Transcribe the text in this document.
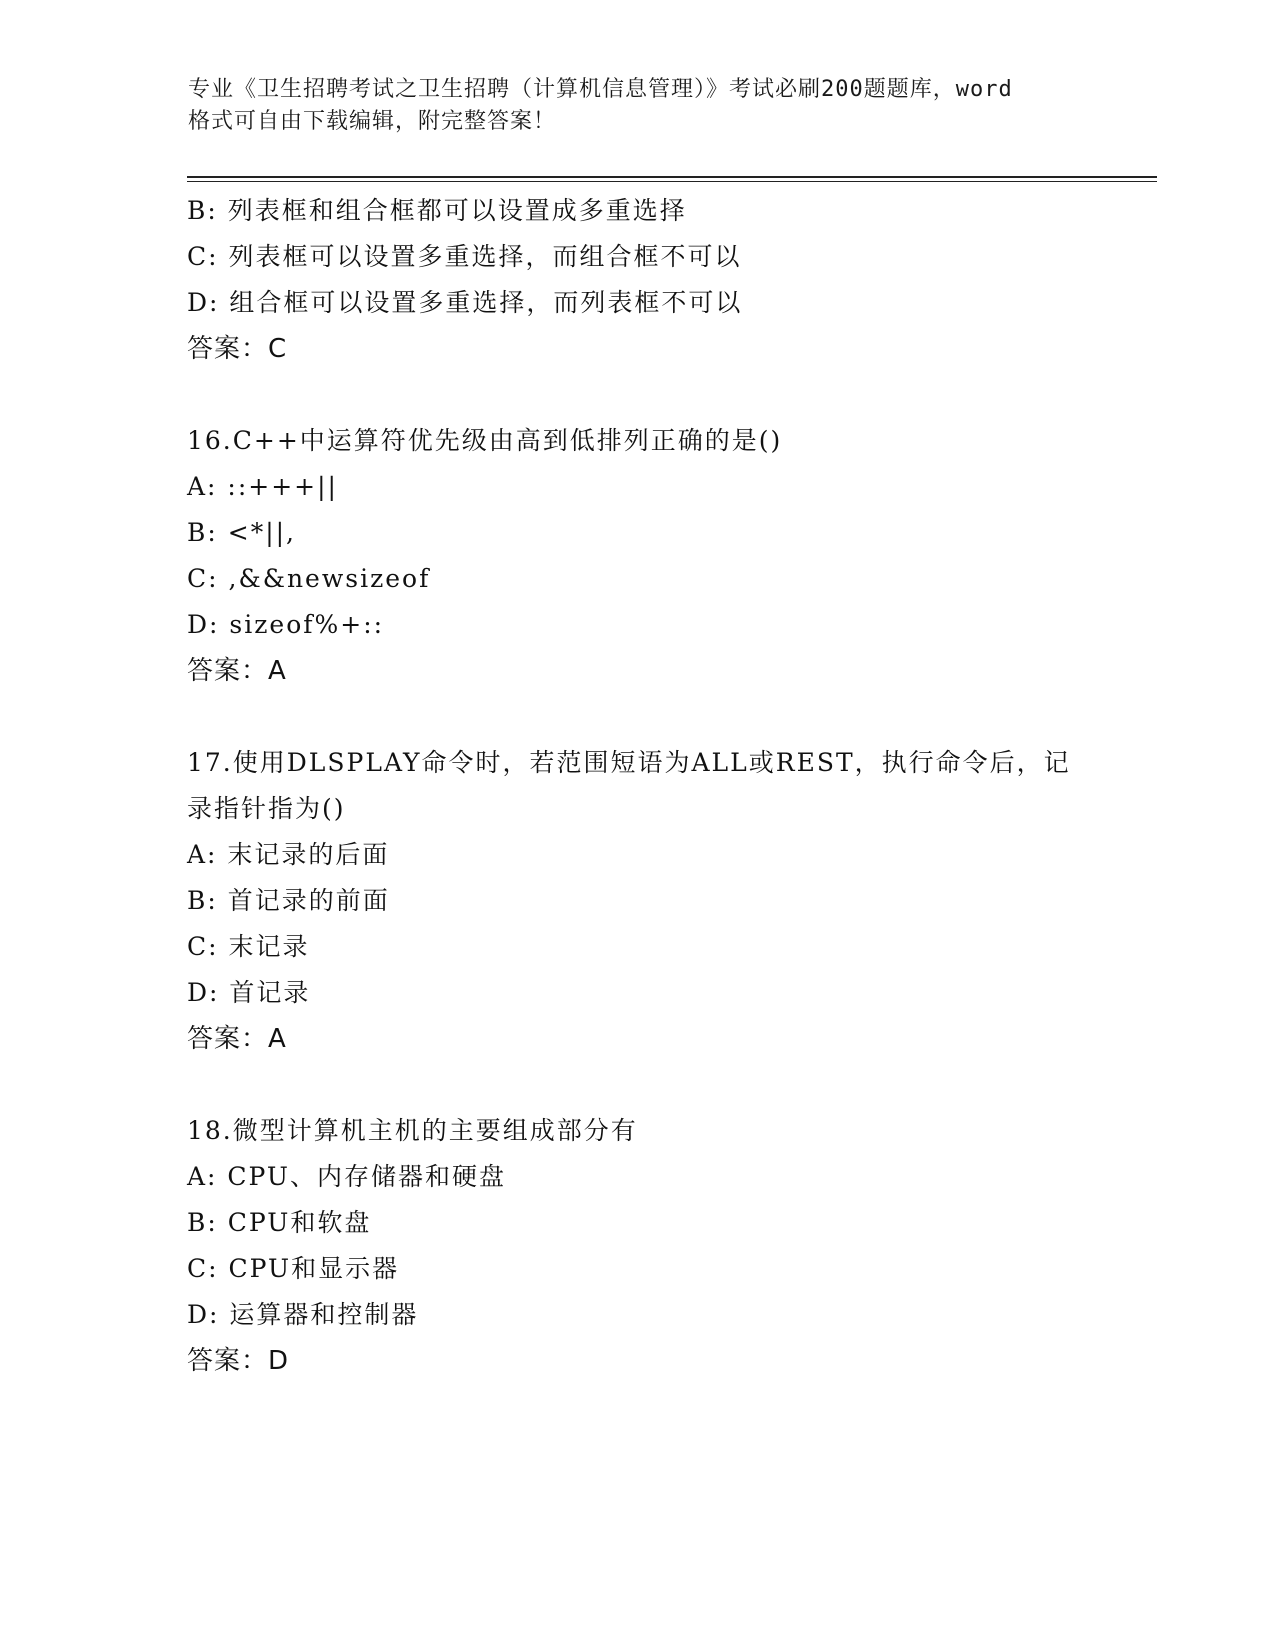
专业《卫生招聘考试之卫生招聘（计算机信息管理）》考试必刷200题题库，word
格式可自由下载编辑，附完整答案！
B: 列表框和组合框都可以设置成多重选择
C: 列表框可以设置多重选择，而组合框不可以
D: 组合框可以设置多重选择，而列表框不可以
答案：C
16.C++中运算符优先级由高到低排列正确的是()
A: ::+++||
B: <*||,
C: ,&&newsizeof
D: sizeof%+::
答案：A
17.使用DLSPLAY命令时，若范围短语为ALL或REST，执行命令后，记
录指针指为()
A: 末记录的后面
B: 首记录的前面
C: 末记录
D: 首记录
答案：A
18.微型计算机主机的主要组成部分有
A: CPU、内存储器和硬盘
B: CPU和软盘
C: CPU和显示器
D: 运算器和控制器
答案：D
